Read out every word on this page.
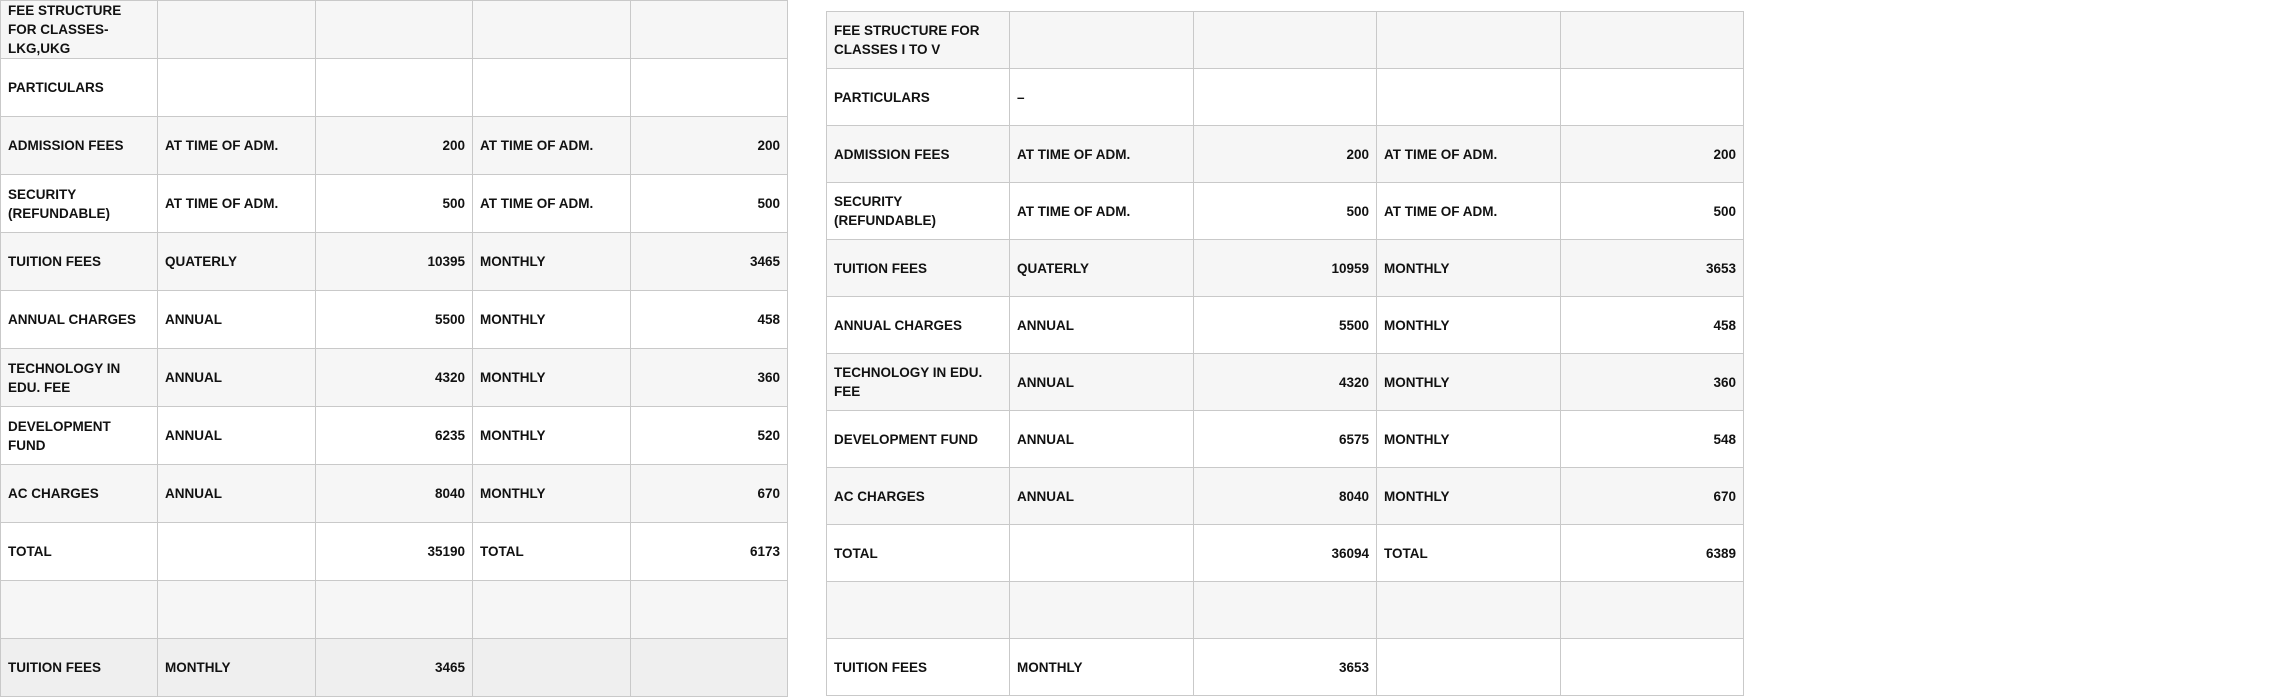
FEE STRUCTURE FOR CLASSES-LKG,UKG				
PARTICULARS				
ADMISSION FEES	AT TIME OF ADM.	200	AT TIME OF ADM.	200
SECURITY (REFUNDABLE)	AT TIME OF ADM.	500	AT TIME OF ADM.	500
TUITION FEES	QUATERLY	10395	MONTHLY	3465
ANNUAL CHARGES	ANNUAL	5500	MONTHLY	458
TECHNOLOGY IN EDU. FEE	ANNUAL	4320	MONTHLY	360
DEVELOPMENT FUND	ANNUAL	6235	MONTHLY	520
AC CHARGES	ANNUAL	8040	MONTHLY	670
TOTAL		35190	TOTAL	6173

TUITION FEES	MONTHLY	3465		
FEE STRUCTURE FOR CLASSES I TO V				
PARTICULARS	–			
ADMISSION FEES	AT TIME OF ADM.	200	AT TIME OF ADM.	200
SECURITY (REFUNDABLE)	AT TIME OF ADM.	500	AT TIME OF ADM.	500
TUITION FEES	QUATERLY	10959	MONTHLY	3653
ANNUAL CHARGES	ANNUAL	5500	MONTHLY	458
TECHNOLOGY IN EDU. FEE	ANNUAL	4320	MONTHLY	360
DEVELOPMENT FUND	ANNUAL	6575	MONTHLY	548
AC CHARGES	ANNUAL	8040	MONTHLY	670
TOTAL		36094	TOTAL	6389

TUITION FEES	MONTHLY	3653		
